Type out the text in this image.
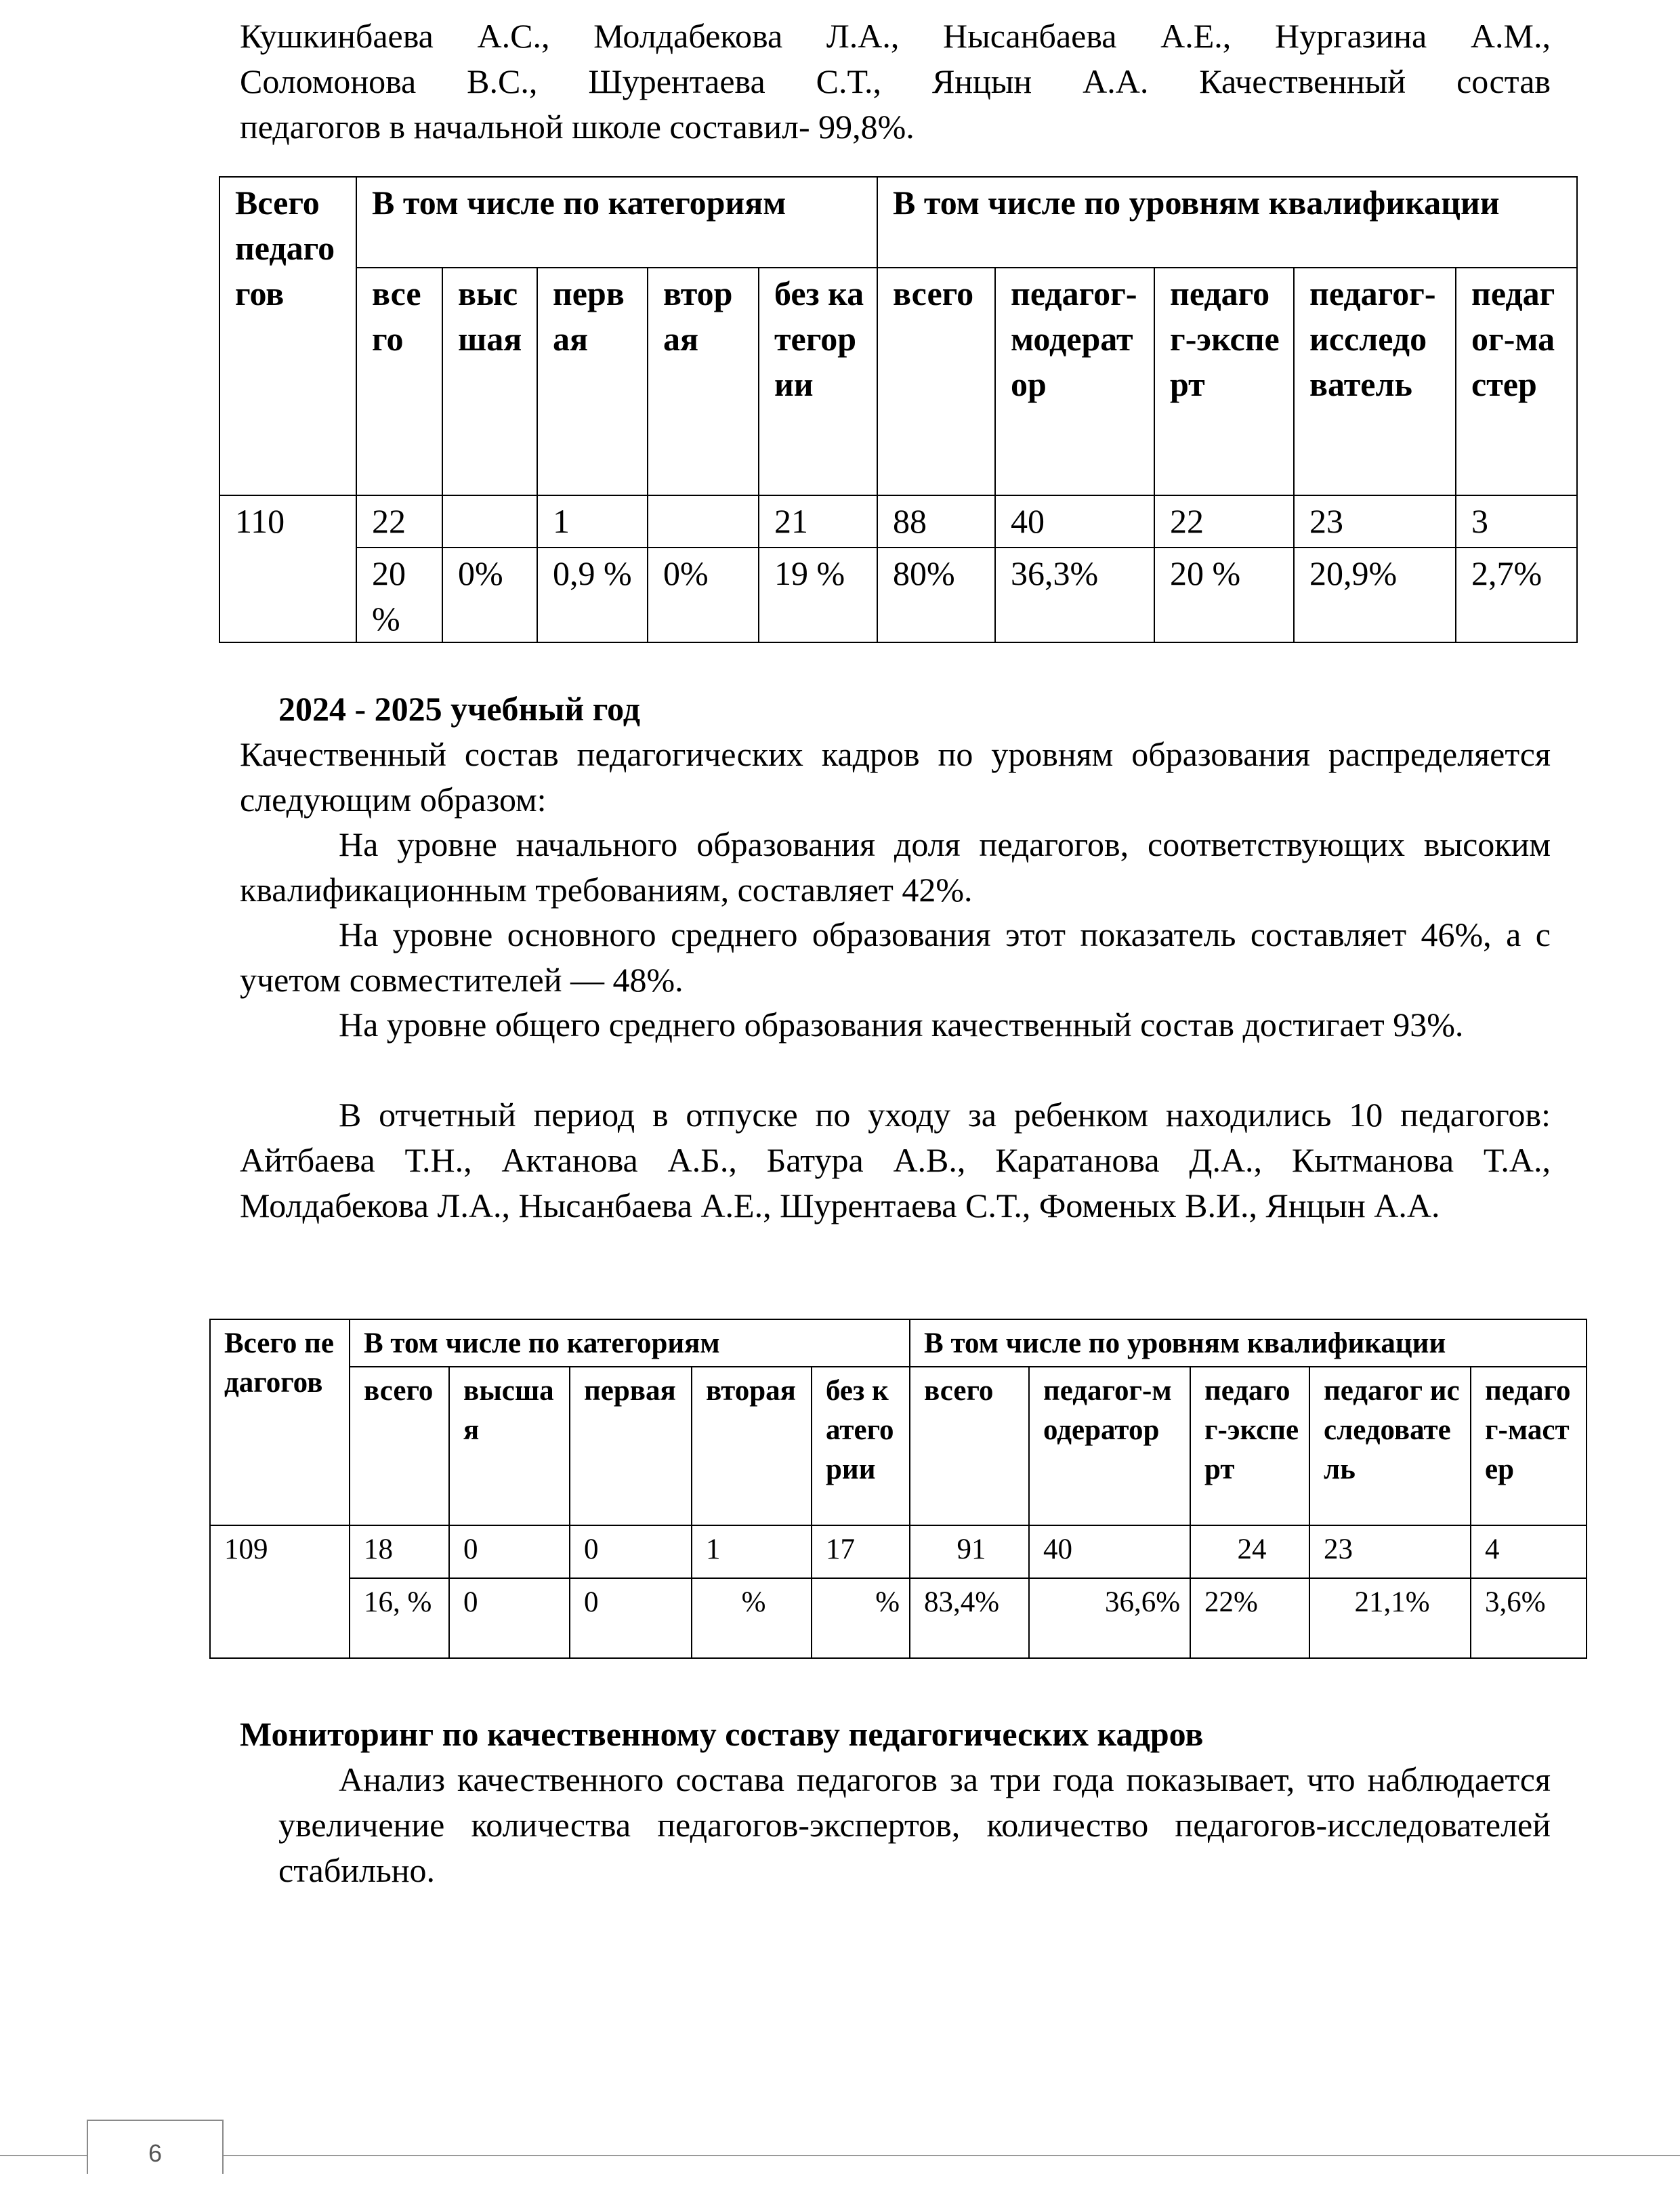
Кушкинбаева А.С., Молдабекова Л.А., Нысанбаева А.Е., Нургазина А.М.,

Соломонова В.С., Шурентаева С.Т., Янцын А.А. Качественный состав

педагогов в начальной школе составил- 99,8%.

Всего педагогов	В том числе по категориям					В том числе по уровням квалификации				
	всего	высшая	первая	вторая	без категории	всего	педагог-модератор	педагог-эксперт	педагог-исследователь	педагог-мастер
110	22		1		21	88	40	22	23	3
	20 %	0%	0,9 %	0%	19 %	80%	36,3%	20 %	20,9%	2,7%

2024 - 2025 учебный год

Качественный состав педагогических кадров по уровням образования распределяется следующим образом:

На уровне начального образования доля педагогов, соответствующих высоким квалификационным требованиям, составляет 42%.

На уровне основного среднего образования этот показатель составляет 46%, а с учетом совместителей — 48%.

На уровне общего среднего образования качественный состав достигает 93%.

В отчетный период в отпуске по уходу за ребенком находились 10 педагогов: Айтбаева Т.Н., Актанова А.Б., Батура А.В., Каратанова Д.А., Кытманова Т.А., Молдабекова Л.А., Нысанбаева А.Е., Шурентаева С.Т., Фоменых В.И., Янцын А.А.

Всего педагогов	В том числе по категориям					В том числе по уровням квалификации				
	всего	высшая	первая	вторая	без категории	всего	педагог-модератор	педагог-эксперт	педагог исследователь	педагог-мастер
109	18	0	0	1	17	91	40	24	23	4
	16, %	0	0	%	%	83,4%	36,6%	22%	21,1%	3,6%

Мониторинг по качественному составу педагогических кадров

Анализ качественного состава педагогов за три года показывает, что наблюдается увеличение количества педагогов-экспертов, количество педагогов-исследователей стабильно.

6
